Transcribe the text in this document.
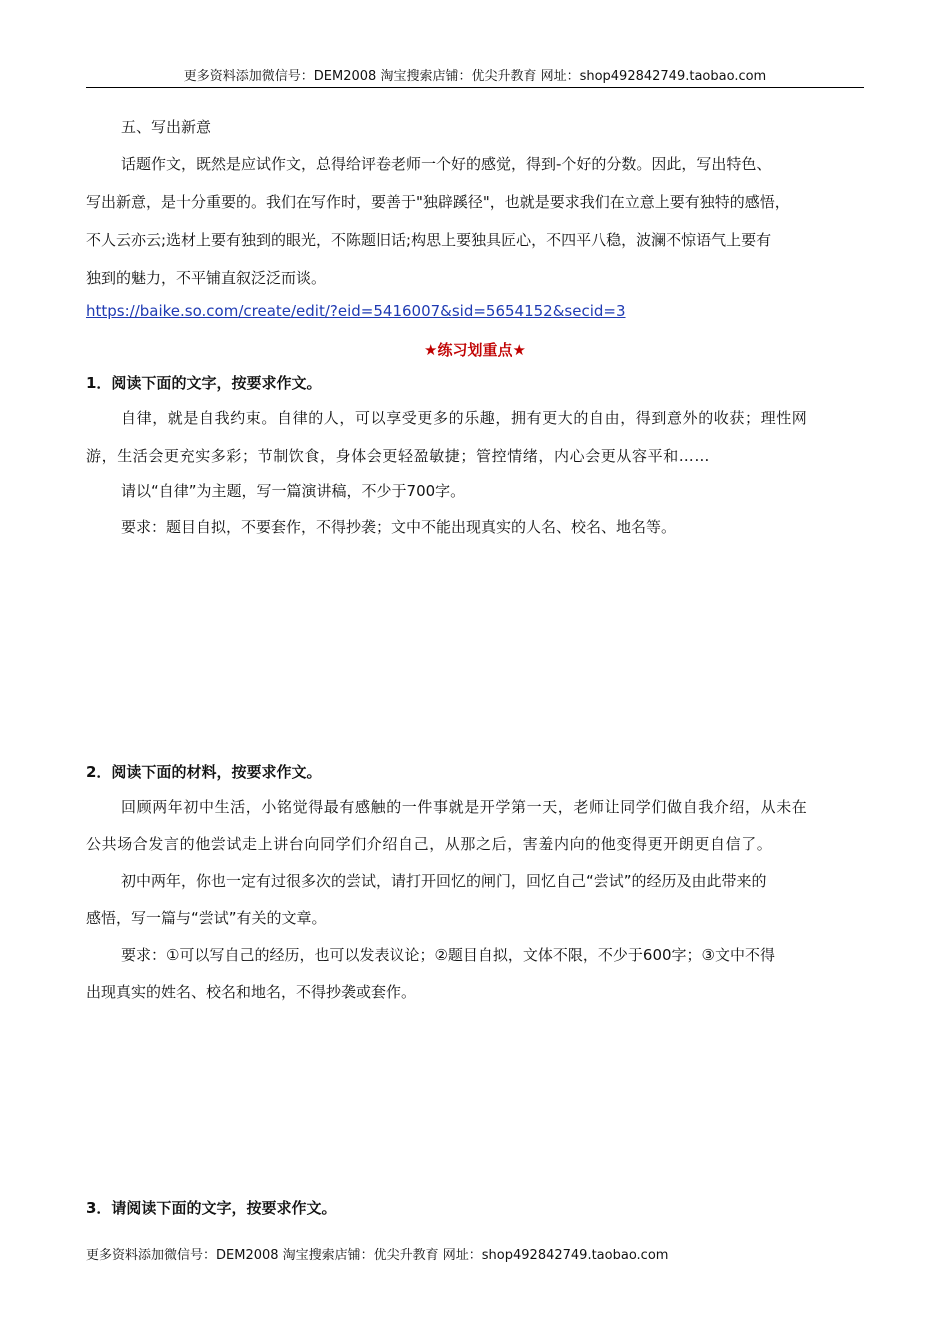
更多资料添加微信号：DEM2008 淘宝搜索店铺：优尖升教育 网址：shop492842749.taobao.com
五、写出新意
话题作文，既然是应试作文，总得给评卷老师一个好的感觉，得到-个好的分数。因此，写出特色、
写出新意，是十分重要的。我们在写作时，要善于"独辟蹊径"，也就是要求我们在立意上要有独特的感悟，
不人云亦云;选材上要有独到的眼光，不陈题旧话;构思上要独具匠心，不四平八稳，波澜不惊语气上要有
独到的魅力，不平铺直叙泛泛而谈。
https://baike.so.com/create/edit/?eid=5416007&sid=5654152&secid=3
★练习划重点★
1．阅读下面的文字，按要求作文。
自律，就是自我约束。自律的人，可以享受更多的乐趣，拥有更大的自由，得到意外的收获；理性网
游，生活会更充实多彩；节制饮食，身体会更轻盈敏捷；管控情绪，内心会更从容平和……
请以“自律”为主题，写一篇演讲稿，不少于700字。
要求：题目自拟，不要套作，不得抄袭；文中不能出现真实的人名、校名、地名等。
2．阅读下面的材料，按要求作文。
回顾两年初中生活，小铭觉得最有感触的一件事就是开学第一天，老师让同学们做自我介绍，从未在
公共场合发言的他尝试走上讲台向同学们介绍自己，从那之后，害羞内向的他变得更开朗更自信了。
初中两年，你也一定有过很多次的尝试，请打开回忆的闸门，回忆自己“尝试”的经历及由此带来的
感悟，写一篇与“尝试”有关的文章。
要求：①可以写自己的经历，也可以发表议论；②题目自拟，文体不限，不少于600字；③文中不得
出现真实的姓名、校名和地名，不得抄袭或套作。
3．请阅读下面的文字，按要求作文。
更多资料添加微信号：DEM2008 淘宝搜索店铺：优尖升教育 网址：shop492842749.taobao.com
